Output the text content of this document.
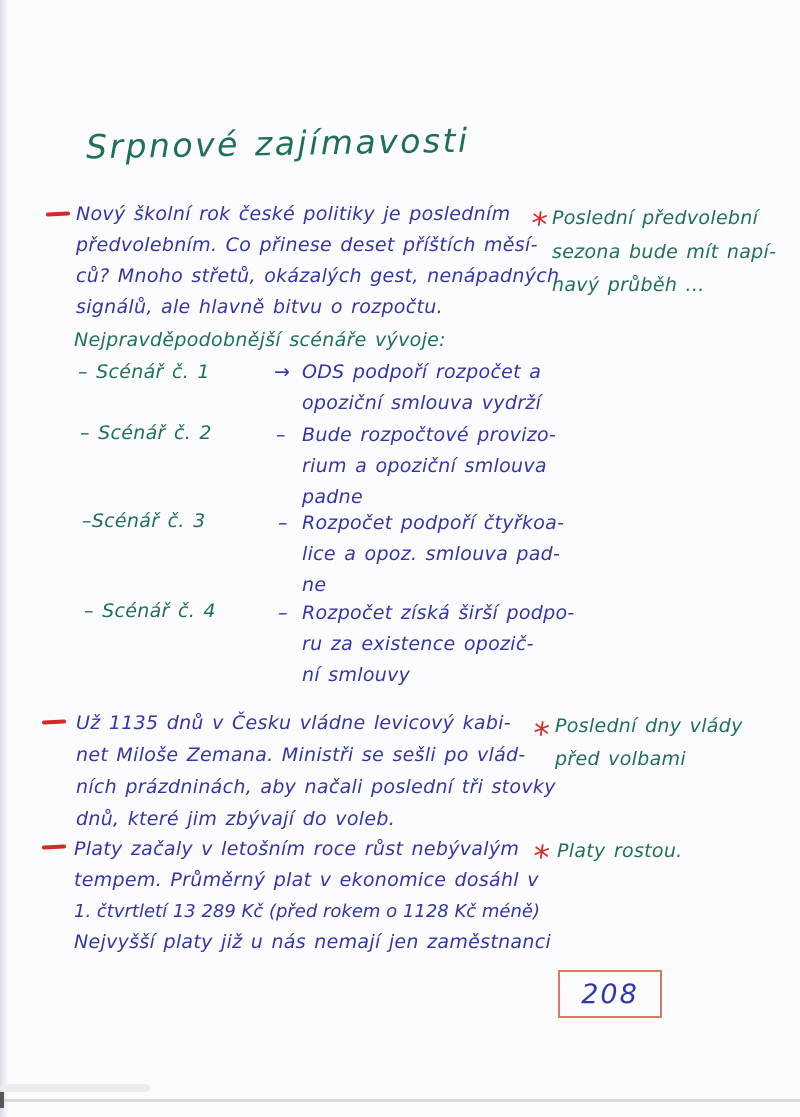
Srpnové zajímavosti
Nový školní rok české politiky je posledním
předvolebním. Co přinese deset příštích měsí-
ců? Mnoho střetů, okázalých gest, nenápadných
signálů, ale hlavně bitvu o rozpočtu.
* Poslední předvolební
sezona bude mít napí-
navý průběh ...
Nejpravděpodobnější scénáře vývoje:
– Scénář č. 1	→ ODS podpoří rozpočet a
opoziční smlouva vydrží
– Scénář č. 2	– Bude rozpočtové provizo-
rium a opoziční smlouva
padne
–Scénář č. 3	– Rozpočet podpoří čtyřkoa-
lice a opoz. smlouva pad-
ne
– Scénář č. 4	– Rozpočet získá širší podpo-
ru za existence opozič-
ní smlouvy
Už 1135 dnů v Česku vládne levicový kabi-
net Miloše Zemana. Ministři se sešli po vlád-
ních prázdninách, aby načali poslední tři stovky
dnů, které jim zbývají do voleb.
* Poslední dny vlády
před volbami
Platy začaly v letošním roce růst nebývalým
tempem. Průměrný plat v ekonomice dosáhl v
1. čtvrtletí 13 289 Kč (před rokem o 1128 Kč méně)
Nejvyšší platy již u nás nemají jen zaměstnanci
* Platy rostou.
208
